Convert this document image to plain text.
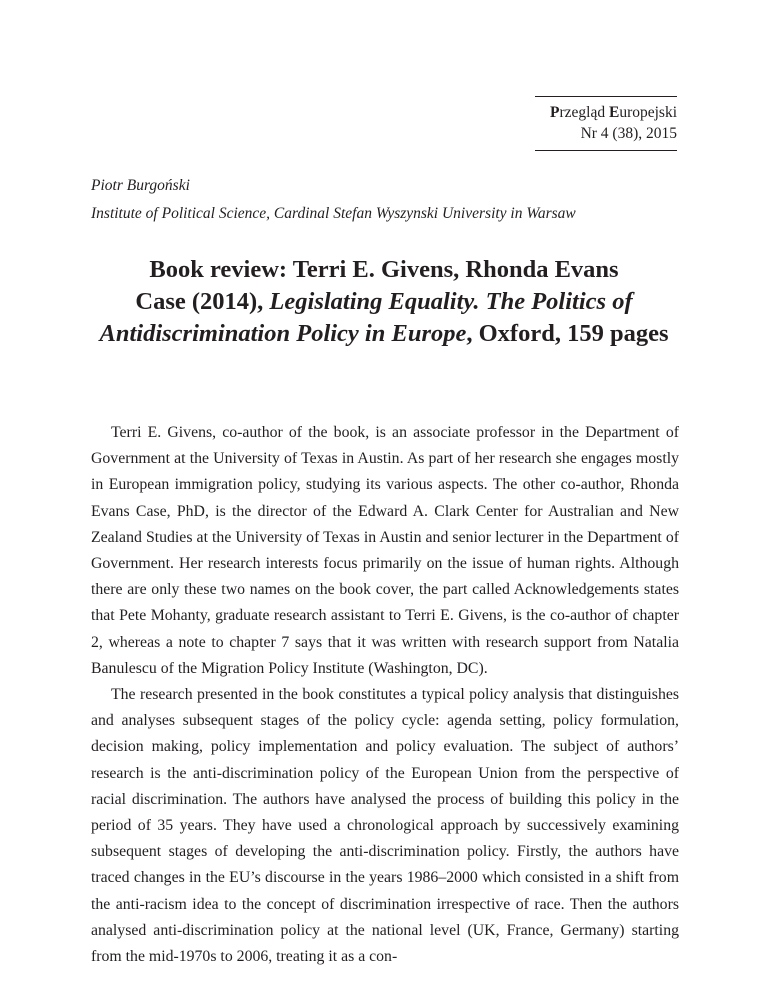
Przegląd Europejski
Nr 4 (38), 2015
Piotr Burgoński
Institute of Political Science, Cardinal Stefan Wyszynski University in Warsaw
Book review: Terri E. Givens, Rhonda Evans
Case (2014), Legislating Equality. The Politics of
Antidiscrimination Policy in Europe, Oxford, 159 pages

Terri E. Givens, co-author of the book, is an associate professor in the Department of Government at the University of Texas in Austin. As part of her research she engages mostly in European immigration policy, studying its various aspects. The other co-author, Rhonda Evans Case, PhD, is the director of the Edward A. Clark Center for Australian and New Zealand Studies at the University of Texas in Austin and senior lecturer in the Department of Government. Her research interests focus primarily on the issue of human rights. Although there are only these two names on the book cover, the part called Acknowledgements states that Pete Mohanty, graduate research assistant to Terri E. Givens, is the co-author of chapter 2, whereas a note to chapter 7 says that it was written with research support from Natalia Banulescu of the Migration Policy Institute (Washington, DC).

The research presented in the book constitutes a typical policy analysis that distinguishes and analyses subsequent stages of the policy cycle: agenda setting, policy formulation, decision making, policy implementation and policy evaluation. The subject of authors’ research is the anti-discrimination policy of the European Union from the perspective of racial discrimination. The authors have analysed the process of building this policy in the period of 35 years. They have used a chronological approach by successively examining subsequent stages of developing the anti-discrimination policy. Firstly, the authors have traced changes in the EU’s discourse in the years 1986–2000 which consisted in a shift from the anti-racism idea to the concept of discrimination irrespective of race. Then the authors analysed anti-discrimination policy at the national level (UK, France, Germany) starting from the mid-1970s to 2006, treating it as a con-
